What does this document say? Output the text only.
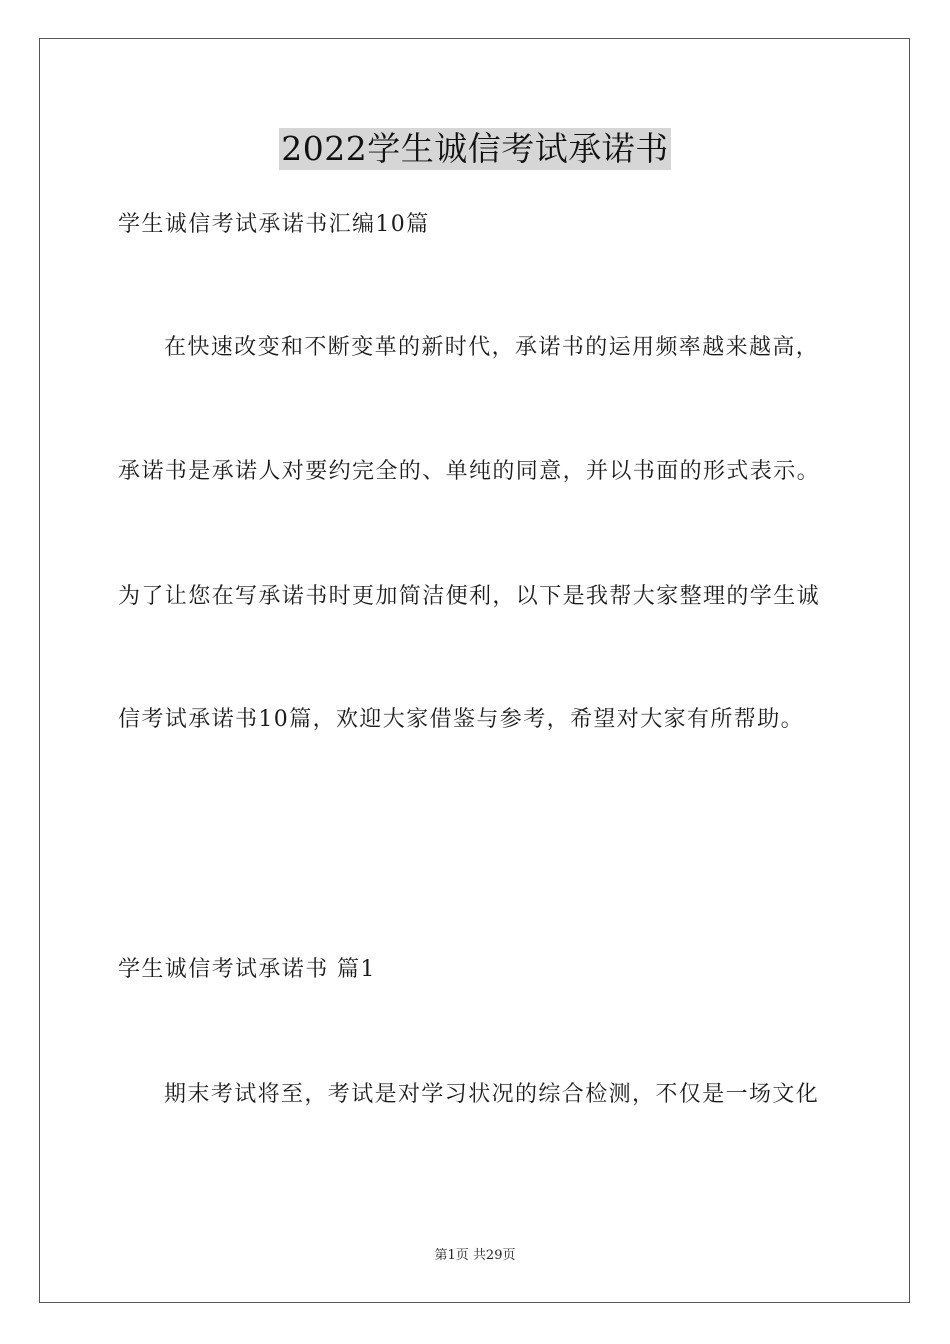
2022学生诚信考试承诺书
学生诚信考试承诺书汇编10篇
在快速改变和不断变革的新时代，承诺书的运用频率越来越高，
承诺书是承诺人对要约完全的、单纯的同意，并以书面的形式表示。
为了让您在写承诺书时更加简洁便利，以下是我帮大家整理的学生诚
信考试承诺书10篇，欢迎大家借鉴与参考，希望对大家有所帮助。
学生诚信考试承诺书 篇1
期末考试将至，考试是对学习状况的综合检测，不仅是一场文化
第1页 共29页
